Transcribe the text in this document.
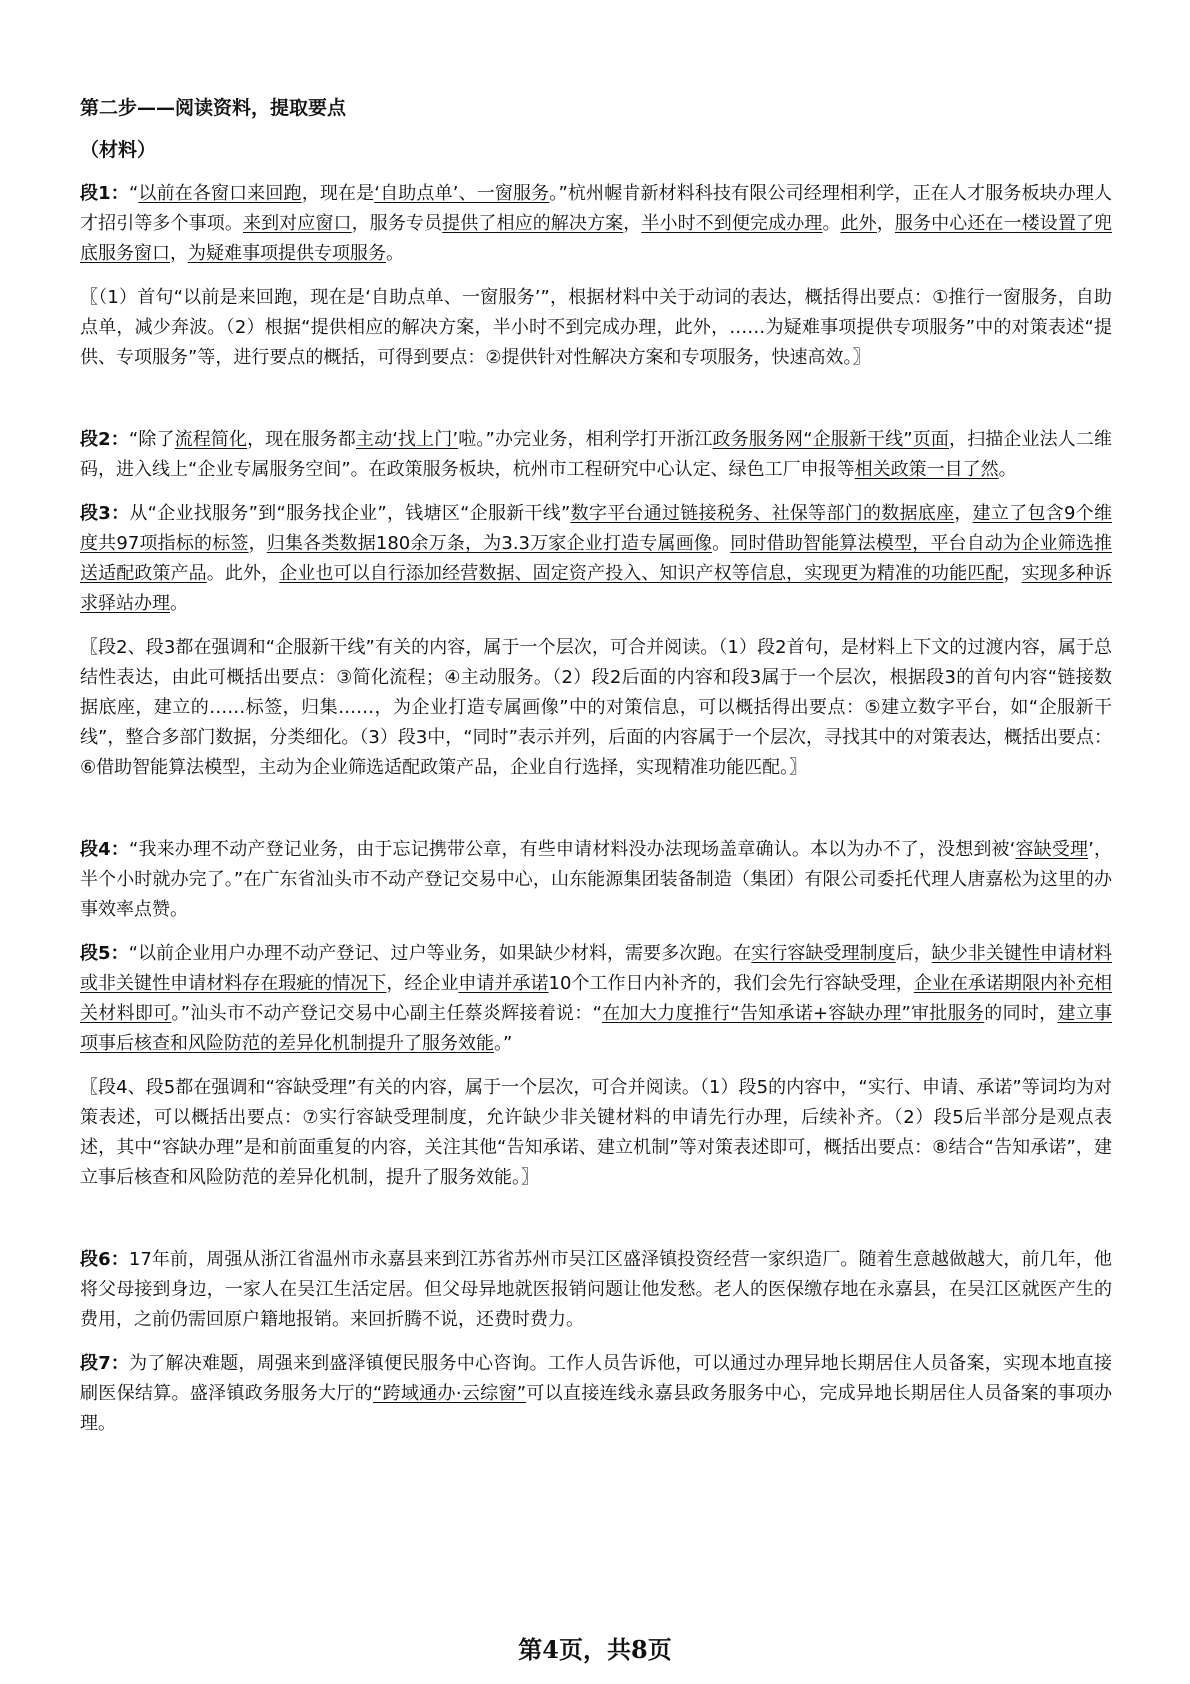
第二步——阅读资料，提取要点
（材料）
段1：“以前在各窗口来回跑，现在是‘自助点单’、一窗服务。”杭州幄肯新材料科技有限公司经理相利学，正在人才服务板块办理人才招引等多个事项。来到对应窗口，服务专员提供了相应的解决方案，半小时不到便完成办理。此外，服务中心还在一楼设置了兜底服务窗口，为疑难事项提供专项服务。
〖（1）首句“以前是来回跑，现在是‘自助点单、一窗服务’”，根据材料中关于动词的表达，概括得出要点：①推行一窗服务，自助点单，减少奔波。（2）根据“提供相应的解决方案，半小时不到完成办理，此外，……为疑难事项提供专项服务”中的对策表述“提供、专项服务”等，进行要点的概括，可得到要点：②提供针对性解决方案和专项服务，快速高效。〗
段2：“除了流程简化，现在服务都主动‘找上门’啦。”办完业务，相利学打开浙江政务服务网“企服新干线”页面，扫描企业法人二维码，进入线上“企业专属服务空间”。在政策服务板块，杭州市工程研究中心认定、绿色工厂申报等相关政策一目了然。
段3：从“企业找服务”到“服务找企业”，钱塘区“企服新干线”数字平台通过链接税务、社保等部门的数据底座，建立了包含9个维度共97项指标的标签，归集各类数据180余万条，为3.3万家企业打造专属画像。同时借助智能算法模型，平台自动为企业筛选推送适配政策产品。此外，企业也可以自行添加经营数据、固定资产投入、知识产权等信息，实现更为精准的功能匹配，实现多种诉求驿站办理。
〖段2、段3都在强调和“企服新干线”有关的内容，属于一个层次，可合并阅读。（1）段2首句，是材料上下文的过渡内容，属于总结性表达，由此可概括出要点：③简化流程；④主动服务。（2）段2后面的内容和段3属于一个层次，根据段3的首句内容“链接数据底座，建立的……标签，归集……，为企业打造专属画像”中的对策信息，可以概括得出要点：⑤建立数字平台，如“企服新干线”，整合多部门数据，分类细化。（3）段3中，“同时”表示并列，后面的内容属于一个层次，寻找其中的对策表达，概括出要点：⑥借助智能算法模型，主动为企业筛选适配政策产品，企业自行选择，实现精准功能匹配。〗
段4：“我来办理不动产登记业务，由于忘记携带公章，有些申请材料没办法现场盖章确认。本以为办不了，没想到被‘容缺受理’，半个小时就办完了。”在广东省汕头市不动产登记交易中心，山东能源集团装备制造（集团）有限公司委托代理人唐嘉松为这里的办事效率点赞。
段5：“以前企业用户办理不动产登记、过户等业务，如果缺少材料，需要多次跑。在实行容缺受理制度后，缺少非关键性申请材料或非关键性申请材料存在瑕疵的情况下，经企业申请并承诺10个工作日内补齐的，我们会先行容缺受理，企业在承诺期限内补充相关材料即可。”汕头市不动产登记交易中心副主任蔡炎辉接着说：“在加大力度推行“告知承诺+容缺办理”审批服务的同时，建立事项事后核查和风险防范的差异化机制提升了服务效能。”
〖段4、段5都在强调和“容缺受理”有关的内容，属于一个层次，可合并阅读。（1）段5的内容中，“实行、申请、承诺”等词均为对策表述，可以概括出要点：⑦实行容缺受理制度，允许缺少非关键材料的申请先行办理，后续补齐。（2）段5后半部分是观点表述，其中“容缺办理”是和前面重复的内容，关注其他“告知承诺、建立机制”等对策表述即可，概括出要点：⑧结合“告知承诺”，建立事后核查和风险防范的差异化机制，提升了服务效能。〗
段6：17年前，周强从浙江省温州市永嘉县来到江苏省苏州市吴江区盛泽镇投资经营一家织造厂。随着生意越做越大，前几年，他将父母接到身边，一家人在吴江生活定居。但父母异地就医报销问题让他发愁。老人的医保缴存地在永嘉县，在吴江区就医产生的费用，之前仍需回原户籍地报销。来回折腾不说，还费时费力。
段7：为了解决难题，周强来到盛泽镇便民服务中心咨询。工作人员告诉他，可以通过办理异地长期居住人员备案，实现本地直接刷医保结算。盛泽镇政务服务大厅的“跨域通办·云综窗”可以直接连线永嘉县政务服务中心，完成异地长期居住人员备案的事项办理。
第4页，共8页
